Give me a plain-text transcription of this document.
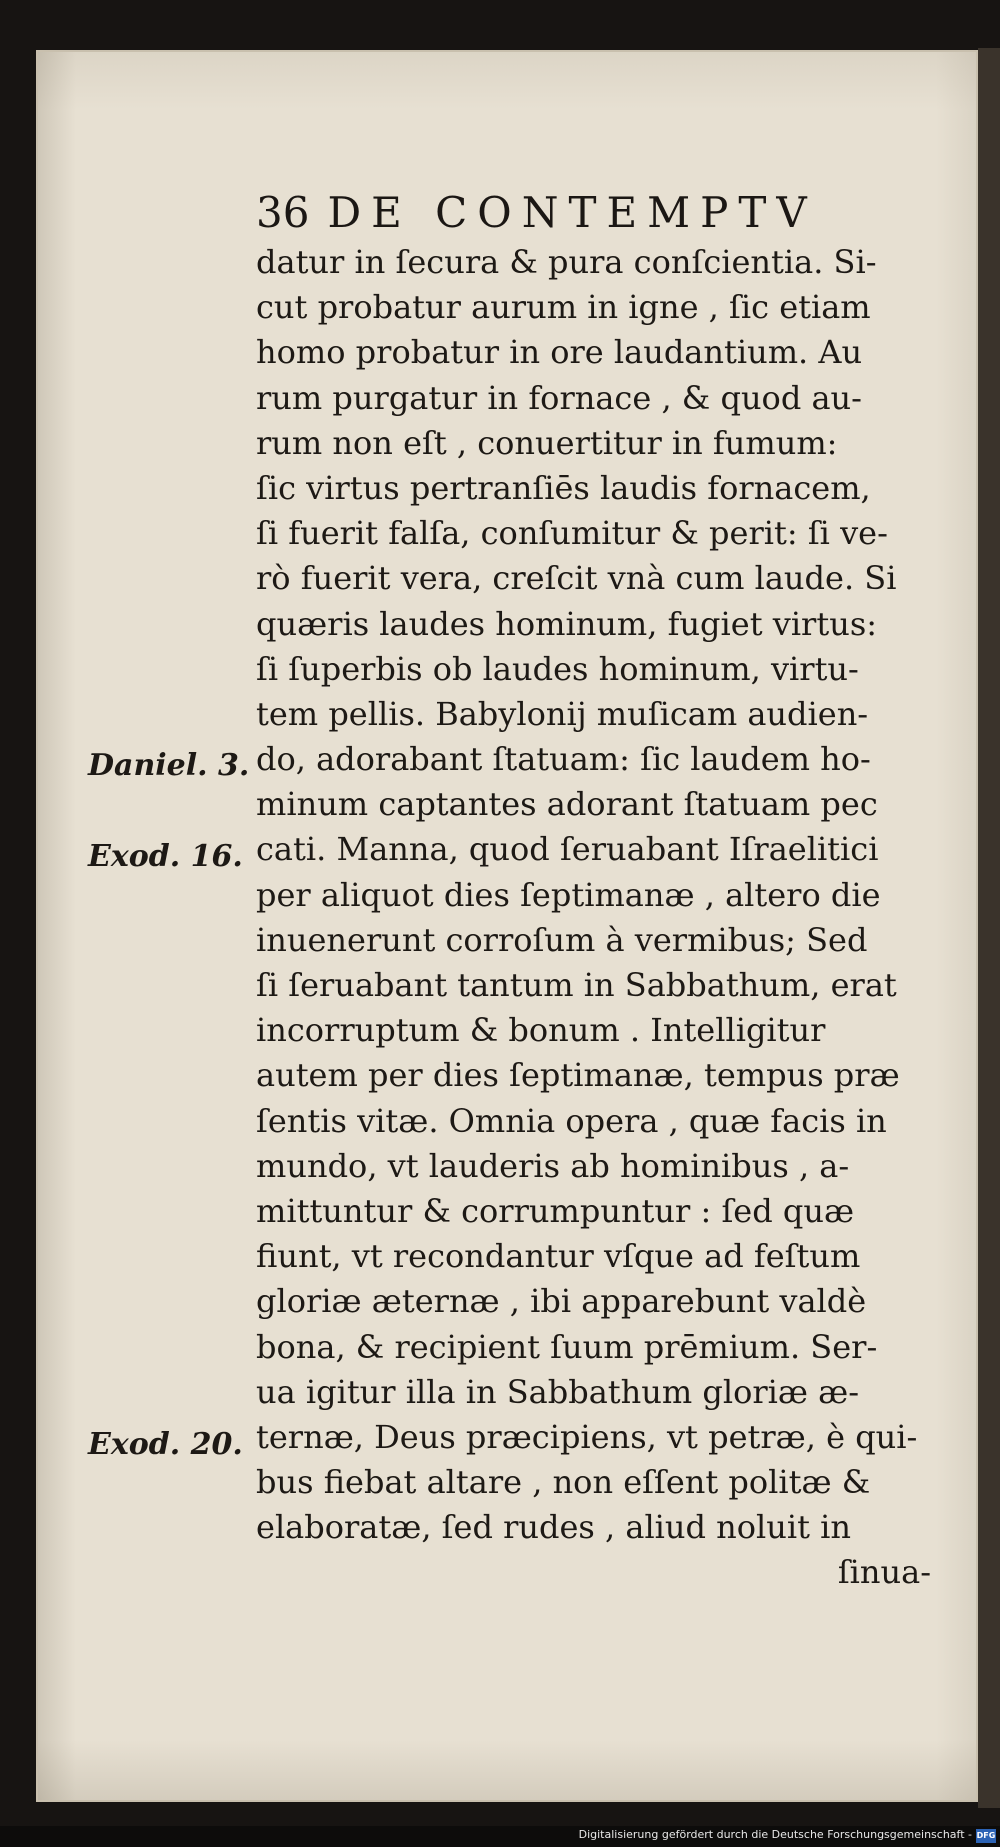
36 DE CONTEMPTV
datur in ſecura & pura conſcientia. Si-
cut probatur aurum in igne , ſic etiam
homo probatur in ore laudantium. Au
rum purgatur in fornace , & quod au-
rum non eſt , conuertitur in fumum:
ſic virtus pertranſiēs laudis fornacem,
ſi fuerit falſa, conſumitur & perit: ſi ve-
rò fuerit vera, creſcit vnà cum laude. Si
quæris laudes hominum, fugiet virtus:
ſi ſuperbis ob laudes hominum, virtu-
tem pellis. Babylonij muſicam audien-
do, adorabant ſtatuam: ſic laudem ho-
minum captantes adorant ſtatuam pec
cati. Manna, quod ſeruabant Iſraelitici
per aliquot dies ſeptimanæ , altero die
inuenerunt corroſum à vermibus; Sed
ſi ſeruabant tantum in Sabbathum, erat
incorruptum & bonum . Intelligitur
autem per dies ſeptimanæ, tempus præ
ſentis vitæ. Omnia opera , quæ facis in
mundo, vt lauderis ab hominibus , a-
mittuntur & corrumpuntur : ſed quæ
fiunt, vt recondantur vſque ad feſtum
gloriæ æternæ , ibi apparebunt valdè
bona, & recipient ſuum prēmium. Ser-
ua igitur illa in Sabbathum gloriæ æ-
ternæ, Deus præcipiens, vt petræ, è qui-
bus fiebat altare , non eſſent politæ &
elaboratæ, ſed rudes , aliud noluit in
ſinua-
Daniel. 3.
Exod. 16.
Exod. 20.
Digitalisierung gefördert durch die Deutsche Forschungsgemeinschaft - DFG
